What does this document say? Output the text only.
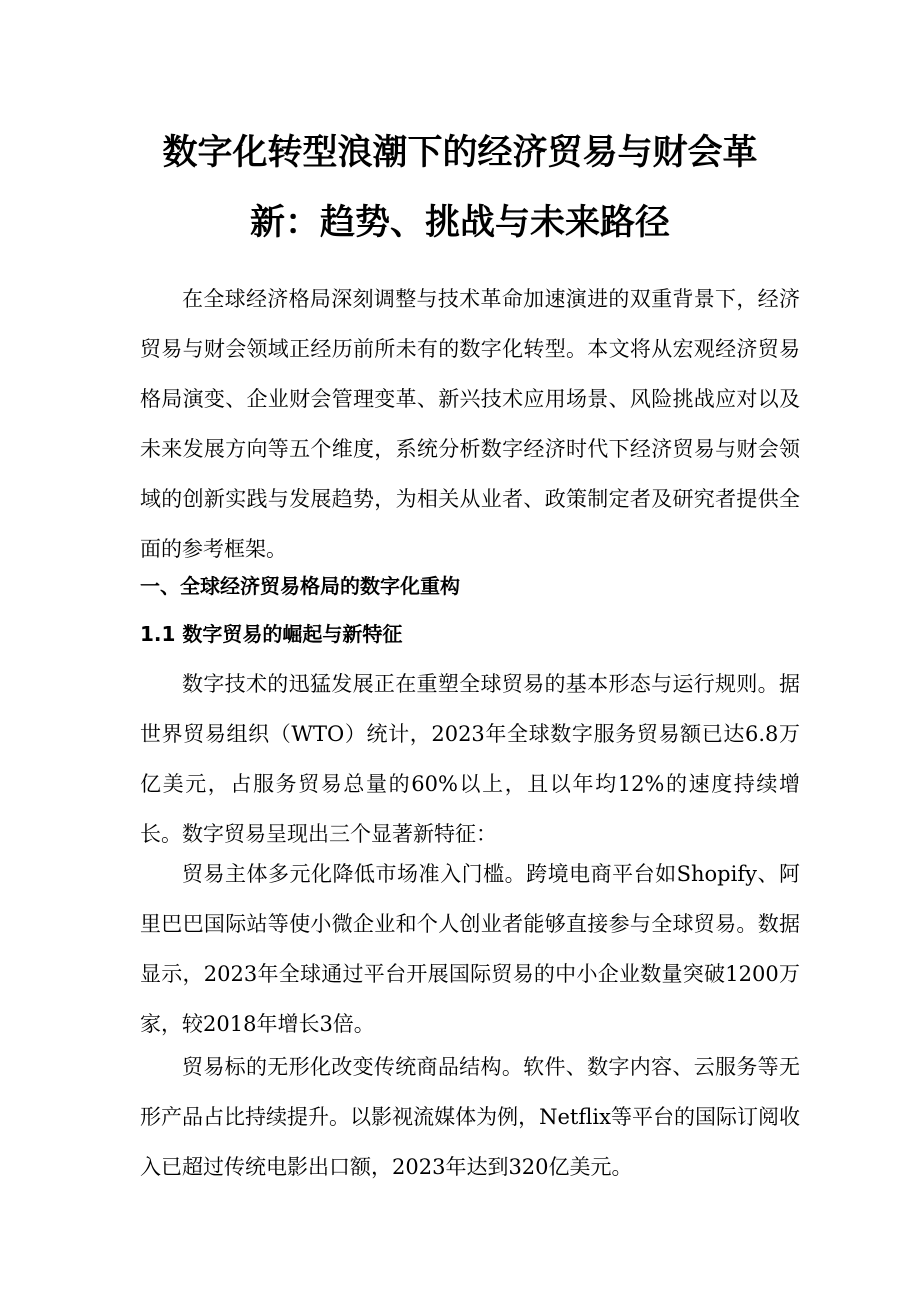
数字化转型浪潮下的经济贸易与财会革
新：趋势、挑战与未来路径

在全球经济格局深刻调整与技术革命加速演进的双重背景下，经济贸易与财会领域正经历前所未有的数字化转型。本文将从宏观经济贸易格局演变、企业财会管理变革、新兴技术应用场景、风险挑战应对以及未来发展方向等五个维度，系统分析数字经济时代下经济贸易与财会领域的创新实践与发展趋势，为相关从业者、政策制定者及研究者提供全面的参考框架。

一、全球经济贸易格局的数字化重构
1.1 数字贸易的崛起与新特征

数字技术的迅猛发展正在重塑全球贸易的基本形态与运行规则。据世界贸易组织（WTO）统计，2023年全球数字服务贸易额已达6.8万亿美元，占服务贸易总量的60%以上，且以年均12%的速度持续增长。数字贸易呈现出三个显著新特征：

贸易主体多元化降低市场准入门槛。跨境电商平台如Shopify、阿里巴巴国际站等使小微企业和个人创业者能够直接参与全球贸易。数据显示，2023年全球通过平台开展国际贸易的中小企业数量突破1200万家，较2018年增长3倍。

贸易标的无形化改变传统商品结构。软件、数字内容、云服务等无形产品占比持续提升。以影视流媒体为例，Netflix等平台的国际订阅收入已超过传统电影出口额，2023年达到320亿美元。
